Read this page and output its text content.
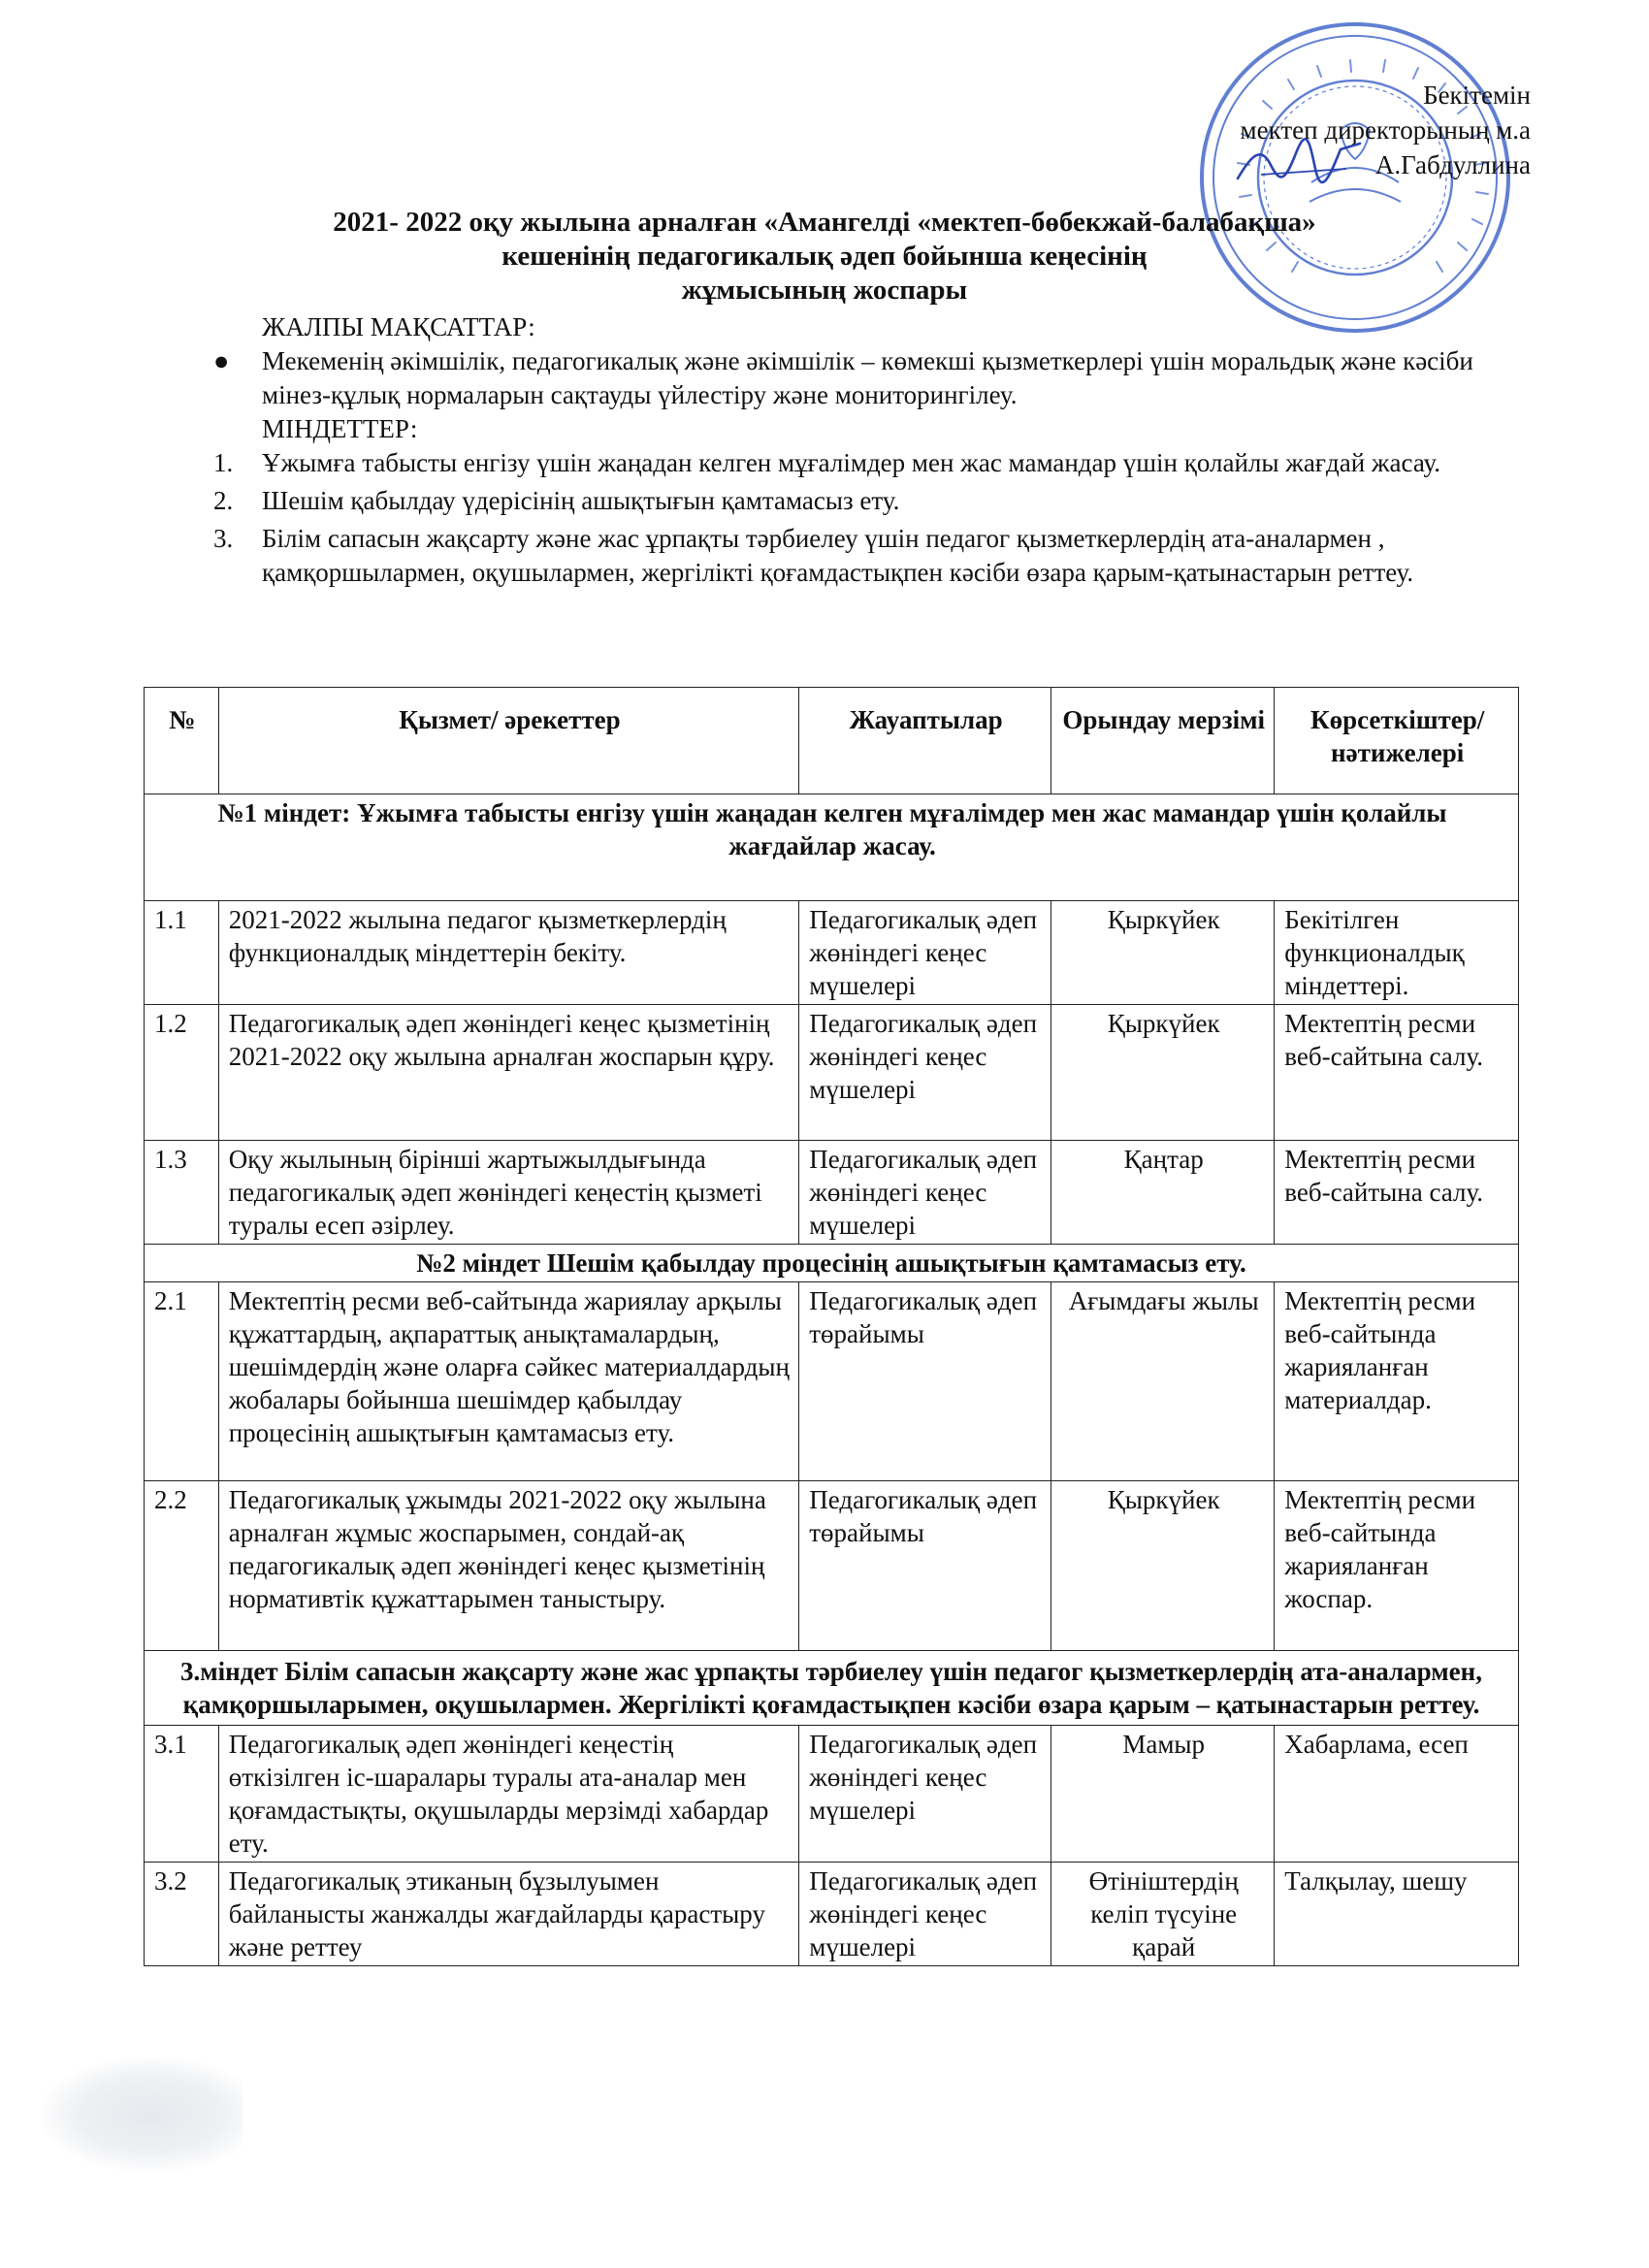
Бекітемін
мектеп директорының м.а
А.Габдуллина
2021- 2022 оқу жылына арналған «Амангелді «мектеп-бөбекжай-балабақша»
кешенінің педагогикалық әдеп бойынша кеңесінің
жұмысының жоспары
ЖАЛПЫ МАҚСАТТАР:
● Мекеменің әкімшілік, педагогикалық және әкімшілік – көмекші қызметкерлері үшін моральдық және кәсіби мінез-құлық нормаларын сақтауды үйлестіру және мониторингілеу.
МІНДЕТТЕР:
1. Ұжымға табысты енгізу үшін жаңадан келген мұғалімдер мен жас мамандар үшін қолайлы жағдай жасау.
2. Шешім қабылдау үдерісінің ашықтығын қамтамасыз ету.
3. Білім сапасын жақсарту және жас ұрпақты тәрбиелеу үшін педагог қызметкерлердің ата-аналармен , қамқоршылармен, оқушылармен, жергілікті қоғамдастықпен кәсіби өзара қарым-қатынастарын реттеу.
№	Қызмет/ әрекеттер	Жауаптылар	Орындау мерзімі	Көрсеткіштер/ нәтижелері
№1 міндет: Ұжымға табысты енгізу үшін жаңадан келген мұғалімдер мен жас мамандар үшін қолайлы жағдайлар жасау.				
1.1	2021-2022 жылына педагог қызметкерлердің функционалдық міндеттерін бекіту.	Педагогикалық әдеп жөніндегі кеңес мүшелері	Қыркүйек	Бекітілген функционалдық міндеттері.
1.2	Педагогикалық әдеп жөніндегі кеңес қызметінің 2021-2022 оқу жылына арналған жоспарын құру.	Педагогикалық әдеп жөніндегі кеңес мүшелері	Қыркүйек	Мектептің ресми веб-сайтына салу.
1.3	Оқу жылының бірінші жартыжылдығында педагогикалық әдеп жөніндегі кеңестің қызметі туралы есеп әзірлеу.	Педагогикалық әдеп жөніндегі кеңес мүшелері	Қаңтар	Мектептің ресми веб-сайтына салу.
№2 міндет Шешім қабылдау процесінің ашықтығын қамтамасыз ету.				
2.1	Мектептің ресми веб-сайтында жариялау арқылы құжаттардың, ақпараттық анықтамалардың, шешімдердің және оларға сәйкес материалдардың жобалары бойынша шешімдер қабылдау процесінің ашықтығын қамтамасыз ету.	Педагогикалық әдеп төрайымы	Ағымдағы жылы	Мектептің ресми веб-сайтында жарияланған материалдар.
2.2	Педагогикалық ұжымды 2021-2022 оқу жылына арналған жұмыс жоспарымен, сондай-ақ педагогикалық әдеп жөніндегі кеңес қызметінің нормативтік құжаттарымен таныстыру.	Педагогикалық әдеп төрайымы	Қыркүйек	Мектептің ресми веб-сайтында жарияланған жоспар.
3.міндет Білім сапасын жақсарту және жас ұрпақты тәрбиелеу үшін педагог қызметкерлердің ата-аналармен, қамқоршыларымен, оқушылармен. Жергілікті қоғамдастықпен кәсіби өзара қарым – қатынастарын реттеу.				
3.1	Педагогикалық әдеп жөніндегі кеңестің өткізілген іс-шаралары туралы ата-аналар мен қоғамдастықты, оқушыларды мерзімді хабардар ету.	Педагогикалық әдеп жөніндегі кеңес мүшелері	Мамыр	Хабарлама, есеп
3.2	Педагогикалық этиканың бұзылуымен байланысты жанжалды жағдайларды қарастыру және реттеу	Педагогикалық әдеп жөніндегі кеңес мүшелері	Өтініштердің келіп түсуіне қарай	Талқылау, шешу
